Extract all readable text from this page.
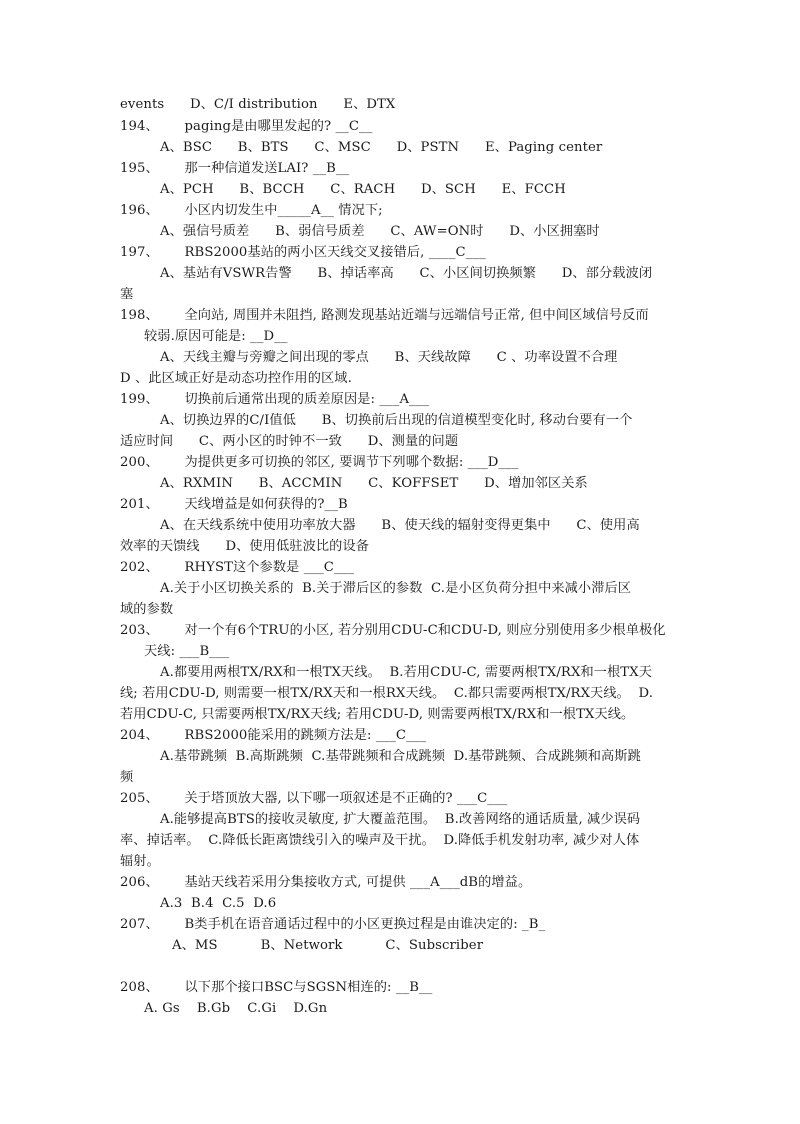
events      D、C/I distribution      E、DTX
194、      paging是由哪里发起的? __C__
A、BSC      B、BTS      C、MSC      D、PSTN      E、Paging center
195、      那一种信道发送LAI? __B__
A、PCH      B、BCCH      C、RACH      D、SCH      E、FCCH
196、      小区内切发生中_____A__ 情况下;
A、强信号质差      B、弱信号质差      C、AW=ON时      D、小区拥塞时
197、      RBS2000基站的两小区天线交叉接错后, ____C___
A、基站有VSWR告警      B、掉话率高      C、小区间切换频繁      D、部分载波闭
塞
198、      全向站, 周围并未阻挡, 路测发现基站近端与远端信号正常, 但中间区域信号反而
较弱.原因可能是: __D__
A、天线主瓣与旁瓣之间出现的零点      B、天线故障      C 、功率设置不合理
D 、此区域正好是动态功控作用的区域.
199、      切换前后通常出现的质差原因是: ___A___
A、切换边界的C/I值低      B、切换前后出现的信道模型变化时, 移动台要有一个
适应时间      C、两小区的时钟不一致      D、测量的问题
200、      为提供更多可切换的邻区, 要调节下列哪个数据: ___D___
A、RXMIN      B、ACCMIN      C、KOFFSET      D、增加邻区关系
201、      天线增益是如何获得的?__B
A、在天线系统中使用功率放大器      B、使天线的辐射变得更集中      C、使用高
效率的天馈线      D、使用低驻波比的设备
202、      RHYST这个参数是 ___C___
A.关于小区切换关系的  B.关于滞后区的参数  C.是小区负荷分担中来减小滞后区
域的参数
203、      对一个有6个TRU的小区, 若分别用CDU-C和CDU-D, 则应分别使用多少根单极化
天线: ___B___
A.都要用两根TX/RX和一根TX天线。  B.若用CDU-C, 需要两根TX/RX和一根TX天
线; 若用CDU-D, 则需要一根TX/RX天和一根RX天线。  C.都只需要两根TX/RX天线。  D.
若用CDU-C, 只需要两根TX/RX天线; 若用CDU-D, 则需要两根TX/RX和一根TX天线。
204、      RBS2000能采用的跳频方法是: ___C___
A.基带跳频  B.高斯跳频  C.基带跳频和合成跳频  D.基带跳频、合成跳频和高斯跳
频
205、      关于塔顶放大器, 以下哪一项叙述是不正确的? ___C___
A.能够提高BTS的接收灵敏度, 扩大覆盖范围。  B.改善网络的通话质量, 减少误码
率、掉话率。  C.降低长距离馈线引入的噪声及干扰。  D.降低手机发射功率, 减少对人体
辐射。
206、      基站天线若采用分集接收方式, 可提供 ___A___dB的增益。
A.3  B.4  C.5  D.6
207、      B类手机在语音通话过程中的小区更换过程是由谁决定的: _B_
A、MS          B、Network          C、Subscriber
208、      以下那个接口BSC与SGSN相连的: __B__
A. Gs    B.Gb    C.Gi    D.Gn
